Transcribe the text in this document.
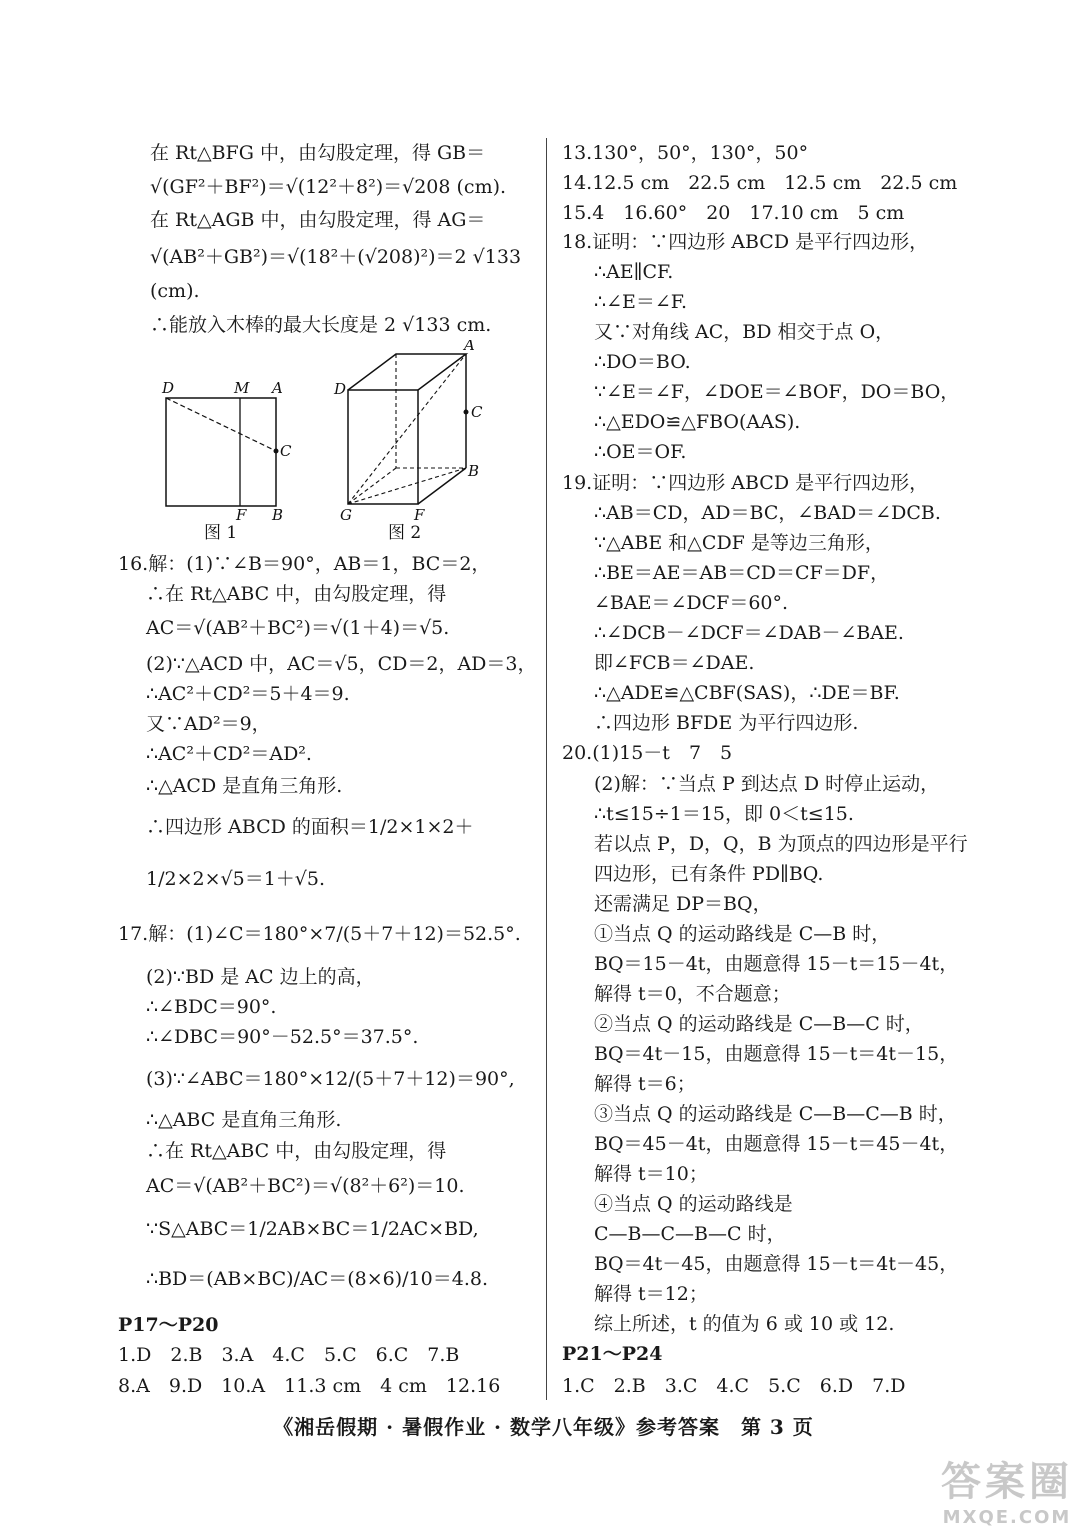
在 Rt△BFG 中，由勾股定理，得 GB＝
√(GF²＋BF²)＝√(12²＋8²)＝√208 (cm).
在 Rt△AGB 中，由勾股定理，得 AG＝
√(AB²＋GB²)＝√(18²＋(√208)²)＝2 √133
(cm).
∴能放入木棒的最大长度是 2 √133 cm.
16.解：(1)∵∠B＝90°，AB＝1，BC＝2，
∴在 Rt△ABC 中，由勾股定理，得
AC＝√(AB²＋BC²)＝√(1＋4)＝√5.
(2)∵△ACD 中，AC＝√5，CD＝2，AD＝3，
∴AC²＋CD²＝5＋4＝9.
又∵AD²＝9，
∴AC²＋CD²＝AD².
∴△ACD 是直角三角形.
∴四边形 ABCD 的面积＝1/2×1×2＋
1/2×2×√5＝1＋√5.
17.解：(1)∠C＝180°×7/(5＋7＋12)＝52.5°.
(2)∵BD 是 AC 边上的高，
∴∠BDC＝90°.
∴∠DBC＝90°－52.5°＝37.5°.
(3)∵∠ABC＝180°×12/(5＋7＋12)＝90°,
∴△ABC 是直角三角形.
∴在 Rt△ABC 中，由勾股定理，得
AC＝√(AB²＋BC²)＝√(8²＋6²)＝10.
∵S△ABC＝1/2AB×BC＝1/2AC×BD,
∴BD＝(AB×BC)/AC＝(8×6)/10＝4.8.
P17～P20
1.D　2.B　3.A　4.C　5.C　6.C　7.B
8.A　9.D　10.A　11.3 cm　4 cm　12.16
13.130°，50°，130°，50°
14.12.5 cm　22.5 cm　12.5 cm　22.5 cm
15.4　16.60°　20　17.10 cm　5 cm
18.证明：∵四边形 ABCD 是平行四边形，
∴AE∥CF.
∴∠E＝∠F.
又∵对角线 AC，BD 相交于点 O，
∴DO＝BO.
∵∠E＝∠F，∠DOE＝∠BOF，DO＝BO，
∴△EDO≌△FBO(AAS).
∴OE＝OF.
19.证明：∵四边形 ABCD 是平行四边形，
∴AB＝CD，AD＝BC，∠BAD＝∠DCB.
∵△ABE 和△CDF 是等边三角形，
∴BE＝AE＝AB＝CD＝CF＝DF，
∠BAE＝∠DCF＝60°.
∴∠DCB－∠DCF＝∠DAB－∠BAE.
即∠FCB＝∠DAE.
∴△ADE≌△CBF(SAS)，∴DE＝BF.
∴四边形 BFDE 为平行四边形.
20.(1)15－t　7　5
(2)解：∵当点 P 到达点 D 时停止运动，
∴t≤15÷1＝15，即 0＜t≤15.
若以点 P，D，Q，B 为顶点的四边形是平行
四边形，已有条件 PD∥BQ.
还需满足 DP＝BQ，
①当点 Q 的运动路线是 C—B 时，
BQ＝15－4t，由题意得 15－t＝15－4t，
解得 t＝0，不合题意；
②当点 Q 的运动路线是 C—B—C 时，
BQ＝4t－15，由题意得 15－t＝4t－15，
解得 t＝6；
③当点 Q 的运动路线是 C—B—C—B 时，
BQ＝45－4t，由题意得 15－t＝45－4t，
解得 t＝10；
④当点 Q 的运动路线是
C—B—C—B—C 时，
BQ＝4t－45，由题意得 15－t＝4t－45，
解得 t＝12；
综上所述，t 的值为 6 或 10 或 12.
P21～P24
1.C　2.B　3.C　4.C　5.C　6.D　7.D
D	M A
C
F B
图 1
A
D
C
B
G	F
图 2
《湘岳假期 · 暑假作业 · 数学八年级》参考答案　第 3 页
答案圈
MXQE.COM
